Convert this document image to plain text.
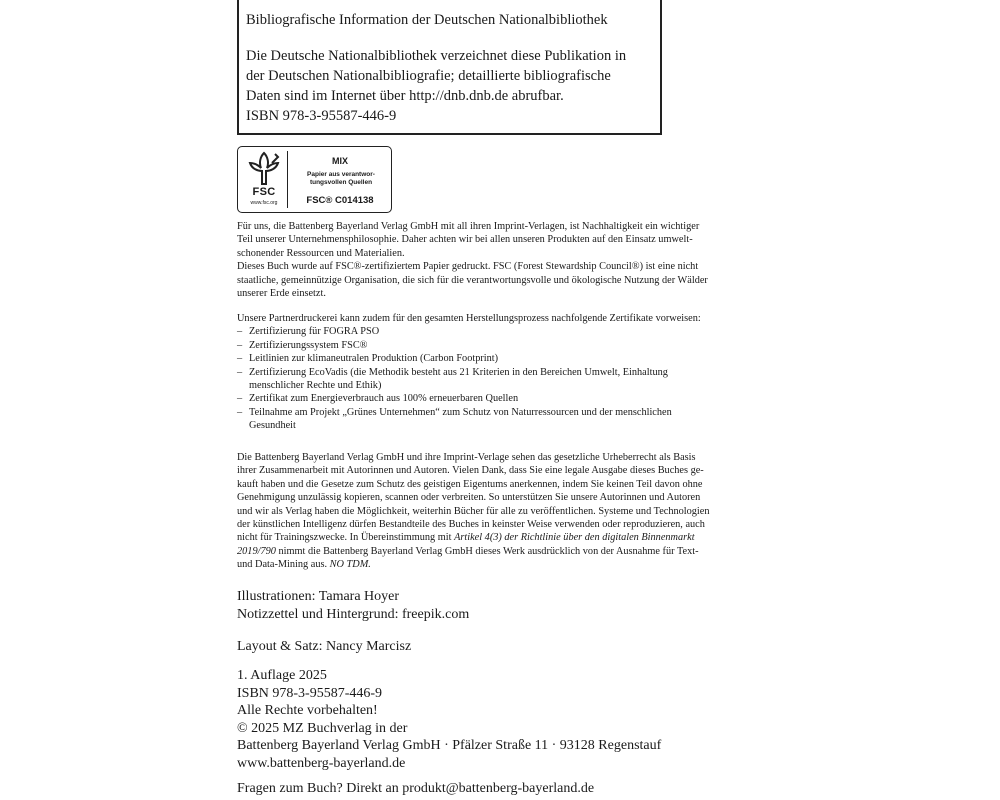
Bibliografische Information der Deutschen Nationalbibliothek

Die Deutsche Nationalbibliothek verzeichnet diese Publikation in

der Deutschen Nationalbibliografie; detaillierte bibliografische

Daten sind im Internet über http://dnb.dnb.de abrufbar.

ISBN 978-3-95587-446-9

FSC
www.fsc.org
MIX
Papier aus verantwor-
tungsvollen Quellen
FSC® C014138

Für uns, die Battenberg Bayerland Verlag GmbH mit all ihren Imprint-Verlagen, ist Nachhaltigkeit ein wichtiger

Teil unserer Unternehmensphilosophie. Daher achten wir bei allen unseren Produkten auf den Einsatz umwelt-

schonender Ressourcen und Materialien.

Dieses Buch wurde auf FSC®-zertifiziertem Papier gedruckt. FSC (Forest Stewardship Council®) ist eine nicht

staatliche, gemeinnützige Organisation, die sich für die verantwortungsvolle und ökologische Nutzung der Wälder

unserer Erde einsetzt.

Unsere Partnerdruckerei kann zudem für den gesamten Herstellungsprozess nachfolgende Zertifikate vorweisen:

– Zertifizierung für FOGRA PSO
– Zertifizierungssystem FSC®
– Leitlinien zur klimaneutralen Produktion (Carbon Footprint)
– Zertifizierung EcoVadis (die Methodik besteht aus 21 Kriterien in den Bereichen Umwelt, Einhaltung
menschlicher Rechte und Ethik)
– Zertifikat zum Energieverbrauch aus 100% erneuerbaren Quellen
– Teilnahme am Projekt „Grünes Unternehmen“ zum Schutz von Naturressourcen und der menschlichen
Gesundheit

Die Battenberg Bayerland Verlag GmbH und ihre Imprint-Verlage sehen das gesetzliche Urheberrecht als Basis

ihrer Zusammenarbeit mit Autorinnen und Autoren. Vielen Dank, dass Sie eine legale Ausgabe dieses Buches ge-

kauft haben und die Gesetze zum Schutz des geistigen Eigentums anerkennen, indem Sie keinen Teil davon ohne

Genehmigung unzulässig kopieren, scannen oder verbreiten. So unterstützen Sie unsere Autorinnen und Autoren

und wir als Verlag haben die Möglichkeit, weiterhin Bücher für alle zu veröffentlichen. Systeme und Technologien

der künstlichen Intelligenz dürfen Bestandteile des Buches in keinster Weise verwenden oder reproduzieren, auch

nicht für Trainingszwecke. In Übereinstimmung mit Artikel 4(3) der Richtlinie über den digitalen Binnenmarkt

2019/790 nimmt die Battenberg Bayerland Verlag GmbH dieses Werk ausdrücklich von der Ausnahme für Text-

und Data-Mining aus. NO TDM.

Illustrationen: Tamara Hoyer

Notizzettel und Hintergrund: freepik.com

Layout & Satz: Nancy Marcisz

1. Auflage 2025

ISBN 978-3-95587-446-9

Alle Rechte vorbehalten!

© 2025 MZ Buchverlag in der

Battenberg Bayerland Verlag GmbH · Pfälzer Straße 11 · 93128 Regenstauf

www.battenberg-bayerland.de

Fragen zum Buch? Direkt an produkt@battenberg-bayerland.de
